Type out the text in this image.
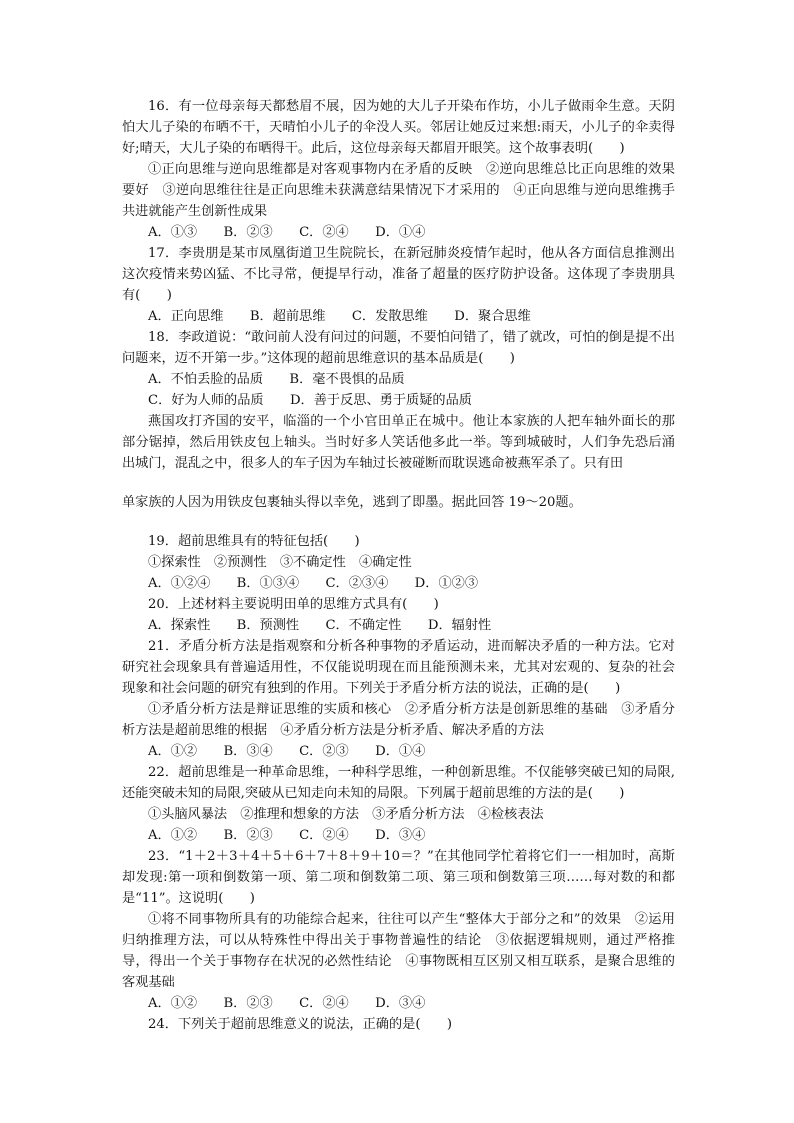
16．有一位母亲每天都愁眉不展，因为她的大儿子开染布作坊，小儿子做雨伞生意。天阴怕大儿子染的布晒不干，天晴怕小儿子的伞没人买。邻居让她反过来想:雨天，小儿子的伞卖得好;晴天，大儿子染的布晒得干。此后，这位母亲每天都眉开眼笑。这个故事表明(　　)

①正向思维与逆向思维都是对客观事物内在矛盾的反映　②逆向思维总比正向思维的效果要好　③逆向思维往往是正向思维未获满意结果情况下才采用的　④正向思维与逆向思维携手共进就能产生创新性成果

A．①③　　B．②③　　C．②④　　D．①④

17．李贵朋是某市凤凰街道卫生院院长，在新冠肺炎疫情乍起时，他从各方面信息推测出这次疫情来势凶猛、不比寻常，便提早行动，准备了超量的医疗防护设备。这体现了李贵朋具有(　　)

A．正向思维　　B．超前思维　　C．发散思维　　D．聚合思维

18．李政道说：“敢问前人没有问过的问题，不要怕问错了，错了就改，可怕的倒是提不出问题来，迈不开第一步。”这体现的超前思维意识的基本品质是(　　)

A．不怕丢脸的品质　　B．毫不畏惧的品质

C．好为人师的品质　　D．善于反思、勇于质疑的品质

燕国攻打齐国的安平，临淄的一个小官田单正在城中。他让本家族的人把车轴外面长的那部分锯掉，然后用铁皮包上轴头。当时好多人笑话他多此一举。等到城破时，人们争先恐后涌出城门，混乱之中，很多人的车子因为车轴过长被碰断而耽误逃命被燕军杀了。只有田

单家族的人因为用铁皮包裹轴头得以幸免，逃到了即墨。据此回答 19～20题。

19．超前思维具有的特征包括(　　)

①探索性　②预测性　③不确定性　④确定性

A．①②④　　B．①③④　　C．②③④　　D．①②③

20．上述材料主要说明田单的思维方式具有(　　)

A．探索性　　B．预测性　　C．不确定性　　D．辐射性

21．矛盾分析方法是指观察和分析各种事物的矛盾运动，进而解决矛盾的一种方法。它对研究社会现象具有普遍适用性，不仅能说明现在而且能预测未来，尤其对宏观的、复杂的社会现象和社会问题的研究有独到的作用。下列关于矛盾分析方法的说法，正确的是(　　)

①矛盾分析方法是辩证思维的实质和核心　②矛盾分析方法是创新思维的基础　③矛盾分析方法是超前思维的根据　④矛盾分析方法是分析矛盾、解决矛盾的方法

A．①②　　B．③④　　C．②③　　D．①④

22．超前思维是一种革命思维，一种科学思维，一种创新思维。不仅能够突破已知的局限,还能突破未知的局限,突破从已知走向未知的局限。下列属于超前思维的方法的是(　　)

①头脑风暴法　②推理和想象的方法　③矛盾分析方法　④检核表法

A．①②　　B．②③　　C．②④　　D．③④

23．“1＋2＋3＋4＋5＋6＋7＋8＋9＋10＝？”在其他同学忙着将它们一一相加时，高斯却发现:第一项和倒数第一项、第二项和倒数第二项、第三项和倒数第三项……每对数的和都是“11”。这说明(　　)

①将不同事物所具有的功能综合起来，往往可以产生“整体大于部分之和”的效果　②运用归纳推理方法，可以从特殊性中得出关于事物普遍性的结论　③依据逻辑规则，通过严格推导，得出一个关于事物存在状况的必然性结论　④事物既相互区别又相互联系，是聚合思维的客观基础

A．①②　　B．②③　　C．②④　　D．③④

24．下列关于超前思维意义的说法，正确的是(　　)
